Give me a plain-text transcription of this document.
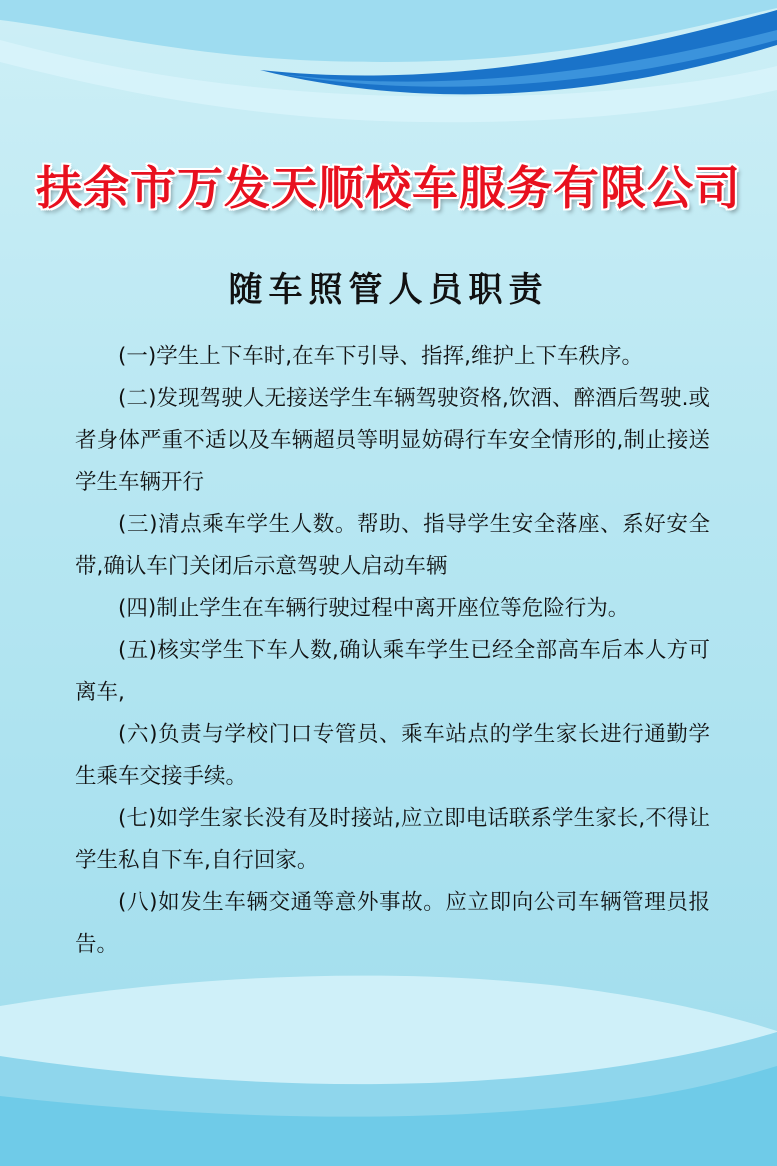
扶余市万发天顺校车服务有限公司
随车照管人员职责

(一)学生上下车时,在车下引导、指挥,维护上下车秩序。

(二)发现驾驶人无接送学生车辆驾驶资格,饮酒、醉酒后驾驶.或者身体严重不适以及车辆超员等明显妨碍行车安全情形的,制止接送学生车辆开行

(三)清点乘车学生人数。帮助、指导学生安全落座、系好安全带,确认车门关闭后示意驾驶人启动车辆

(四)制止学生在车辆行驶过程中离开座位等危险行为。

(五)核实学生下车人数,确认乘车学生已经全部高车后本人方可离车,

(六)负责与学校门口专管员、乘车站点的学生家长进行通勤学生乘车交接手续。

(七)如学生家长没有及时接站,应立即电话联系学生家长,不得让学生私自下车,自行回家。

(八)如发生车辆交通等意外事故。应立即向公司车辆管理员报告。
